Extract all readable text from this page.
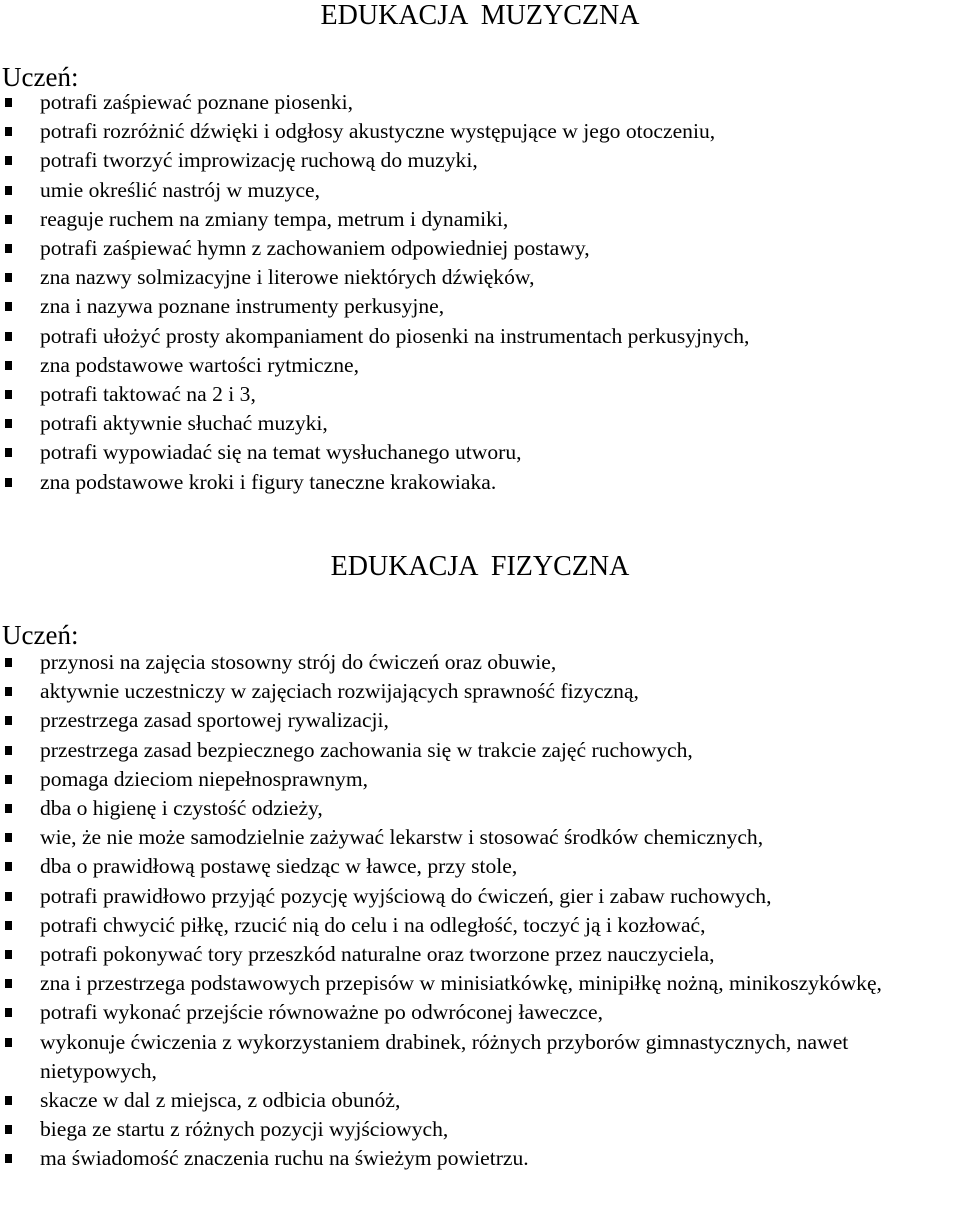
EDUKACJA  MUZYCZNA
Uczeń:
potrafi zaśpiewać poznane piosenki,
potrafi rozróżnić dźwięki i odgłosy akustyczne występujące w jego otoczeniu,
potrafi tworzyć improwizację ruchową do muzyki,
umie określić nastrój w muzyce,
reaguje ruchem na zmiany tempa, metrum i dynamiki,
potrafi zaśpiewać hymn z zachowaniem odpowiedniej postawy,
zna nazwy solmizacyjne i literowe niektórych dźwięków,
zna i nazywa poznane instrumenty perkusyjne,
potrafi ułożyć prosty akompaniament do piosenki na instrumentach perkusyjnych,
zna podstawowe wartości rytmiczne,
potrafi taktować na 2 i 3,
potrafi aktywnie słuchać muzyki,
potrafi wypowiadać się na temat wysłuchanego utworu,
zna podstawowe kroki i figury taneczne krakowiaka.
EDUKACJA  FIZYCZNA
Uczeń:
przynosi na zajęcia stosowny strój do ćwiczeń oraz obuwie,
aktywnie uczestniczy w zajęciach rozwijających sprawność fizyczną,
przestrzega zasad sportowej rywalizacji,
przestrzega zasad bezpiecznego zachowania się w trakcie zajęć ruchowych,
pomaga dzieciom niepełnosprawnym,
dba o higienę i czystość odzieży,
wie, że nie może samodzielnie zażywać lekarstw i stosować środków chemicznych,
dba o prawidłową postawę siedząc w ławce, przy stole,
potrafi prawidłowo przyjąć pozycję wyjściową do ćwiczeń, gier i zabaw ruchowych,
potrafi chwycić piłkę, rzucić nią do celu i na odległość, toczyć ją i kozłować,
potrafi pokonywać tory przeszkód naturalne oraz tworzone przez nauczyciela,
zna i przestrzega podstawowych przepisów w minisiatkówkę, minipiłkę nożną, minikoszykówkę,
potrafi wykonać przejście równoważne po odwróconej ławeczce,
wykonuje ćwiczenia z wykorzystaniem drabinek, różnych przyborów gimnastycznych, nawet nietypowych,
skacze w dal z miejsca, z odbicia obunóż,
biega ze startu z różnych pozycji wyjściowych,
ma świadomość znaczenia ruchu na świeżym powietrzu.
